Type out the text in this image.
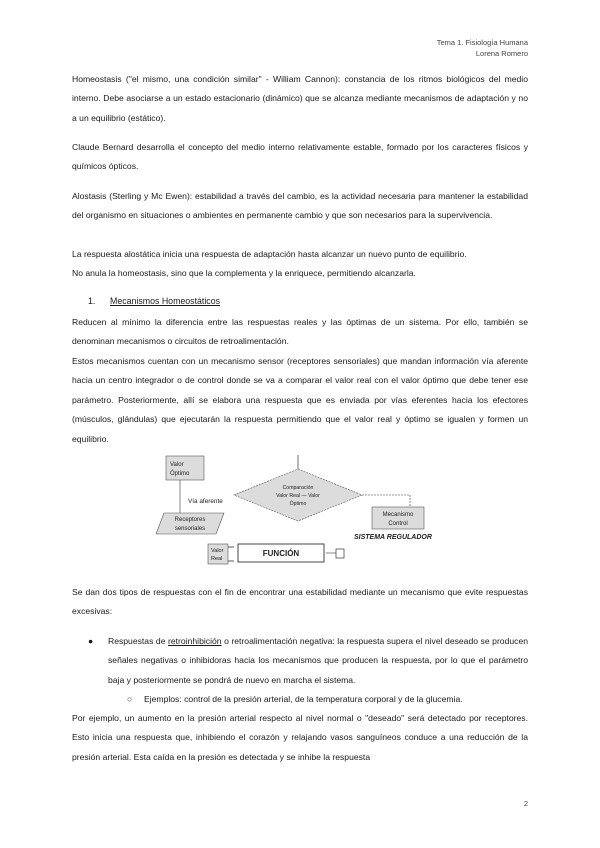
Tema 1. Fisiología Humana
Lorena Romero
Homeostasis ("el mismo, una condición similar" - William Cannon): constancia de los ritmos biológicos del medio interno. Debe asociarse a un estado estacionario (dinámico) que se alcanza mediante mecanismos de adaptación y no a un equilibrio (estático).
Claude Bernard desarrolla el concepto del medio interno relativamente estable, formado por los caracteres físicos y químicos ópticos.
Alostasis (Sterling y Mc Ewen): estabilidad a través del cambio, es la actividad necesaria para mantener la estabilidad del organismo en situaciones o ambientes en permanente cambio y que son necesarios para la supervivencia.
La respuesta alostática inicia una respuesta de adaptación hasta alcanzar un nuevo punto de equilibrio.
No anula la homeostasis, sino que la complementa y la enriquece, permitiendo alcanzarla.
1. Mecanismos Homeostáticos
Reducen al mínimo la diferencia entre las respuestas reales y las óptimas de un sistema. Por ello, también se denominan mecanismos o circuitos de retroalimentación.
Estos mecanismos cuentan con un mecanismo sensor (receptores sensoriales) que mandan información vía aferente hacia un centro integrador o de control donde se va a comparar el valor real con el valor óptimo que debe tener ese parámetro. Posteriormente, allí se elabora una respuesta que es enviada por vías eferentes hacia los efectores (músculos, glándulas) que ejecutarán la respuesta permitiendo que el valor real y óptimo se igualen y formen un equilibrio.
Valor
Óptimo
Comparación
Valor Real — Valor
Óptimo
Vía aferente
Receptores
sensoriales
Mecanismo
Control
SISTEMA REGULADOR
Valor
Real
FUNCIÓN
Se dan dos tipos de respuestas con el fin de encontrar una estabilidad mediante un mecanismo que evite respuestas excesivas:
● Respuestas de retroinhibición o retroalimentación negativa: la respuesta supera el nivel deseado se producen señales negativas o inhibidoras hacia los mecanismos que producen la respuesta, por lo que el parámetro baja y posteriormente se pondrá de nuevo en marcha el sistema.
○ Ejemplos: control de la presión arterial, de la temperatura corporal y de la glucemia.
Por ejemplo, un aumento en la presión arterial respecto al nivel normal o "deseado" será detectado por receptores. Esto inicia una respuesta que, inhibiendo el corazón y relajando vasos sanguíneos conduce a una reducción de la presión arterial. Esta caída en la presión es detectada y se inhibe la respuesta
2
